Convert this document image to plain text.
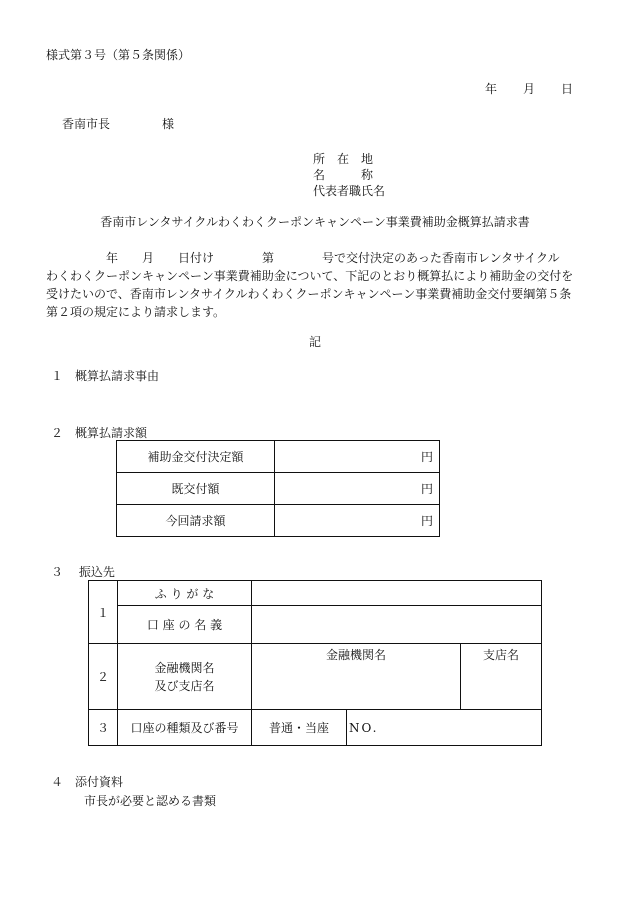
様式第３号（第５条関係）
年 月 日
香南市長	様
所　在　地
名　　　称
代表者職氏名
香南市レンタサイクルわくわくクーポンキャンペーン事業費補助金概算払請求書

　　　　　年　　月　　日付け　　　　第　　　　号で交付決定のあった香南市レンタサイクル

わくわくクーポンキャンペーン事業費補助金について、下記のとおり概算払により補助金の交付を

受けたいので、香南市レンタサイクルわくわくクーポンキャンペーン事業費補助金交付要綱第５条

第２項の規定により請求します。

記
１　概算払請求事由
２　概算払請求額
補助金交付決定額	円
既交付額	円
今回請求額	円
３　 振込先
１	ふ り が な			
	口 座 の 名 義			
２	金融機関名
及び支店名	金融機関名		支店名
３	口座の種類及び番号	普通・当座	NO.	
４　添付資料
市長が必要と認める書類
